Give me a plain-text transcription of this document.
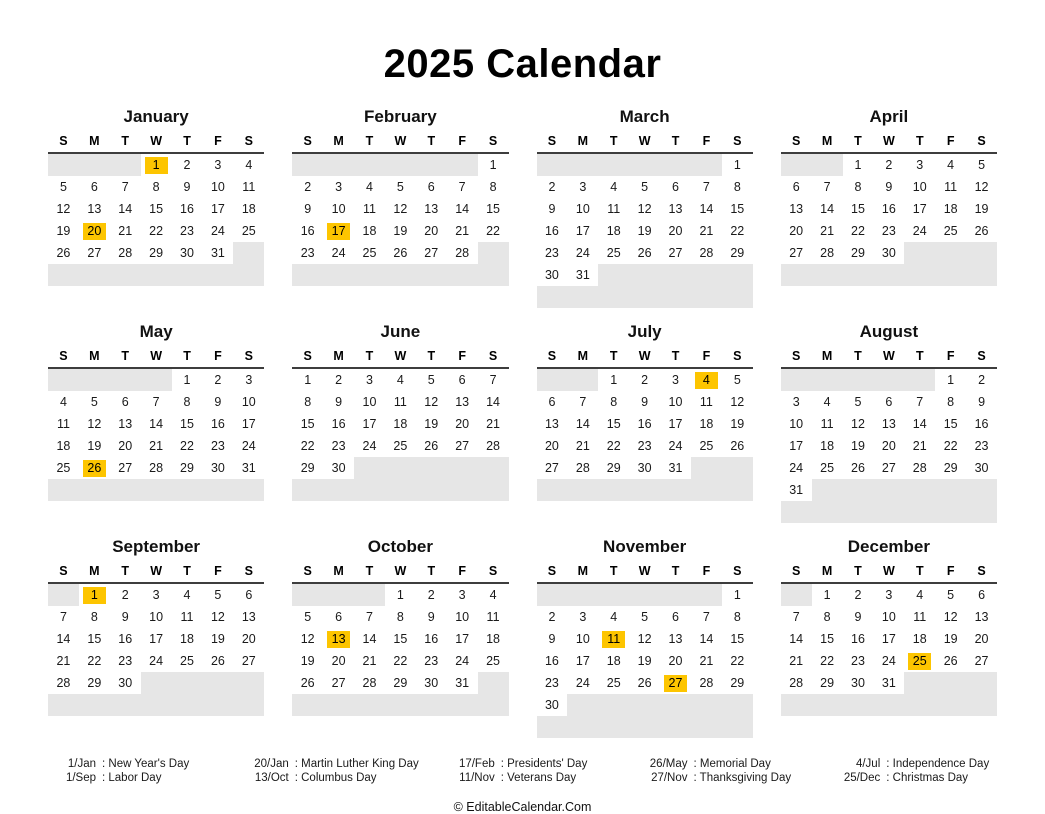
2025 Calendar
January
S	M	T	W	T	F	S
			1	2	3	4
5	6	7	8	9	10	11
12	13	14	15	16	17	18
19	20	21	22	23	24	25
26	27	28	29	30	31	

February
S	M	T	W	T	F	S
						1
2	3	4	5	6	7	8
9	10	11	12	13	14	15
16	17	18	19	20	21	22
23	24	25	26	27	28	

March
S	M	T	W	T	F	S
						1
2	3	4	5	6	7	8
9	10	11	12	13	14	15
16	17	18	19	20	21	22
23	24	25	26	27	28	29
30	31					

April
S	M	T	W	T	F	S
		1	2	3	4	5
6	7	8	9	10	11	12
13	14	15	16	17	18	19
20	21	22	23	24	25	26
27	28	29	30			

May
S	M	T	W	T	F	S
				1	2	3
4	5	6	7	8	9	10
11	12	13	14	15	16	17
18	19	20	21	22	23	24
25	26	27	28	29	30	31

June
S	M	T	W	T	F	S
1	2	3	4	5	6	7
8	9	10	11	12	13	14
15	16	17	18	19	20	21
22	23	24	25	26	27	28
29	30					

July
S	M	T	W	T	F	S
		1	2	3	4	5
6	7	8	9	10	11	12
13	14	15	16	17	18	19
20	21	22	23	24	25	26
27	28	29	30	31		

August
S	M	T	W	T	F	S
					1	2
3	4	5	6	7	8	9
10	11	12	13	14	15	16
17	18	19	20	21	22	23
24	25	26	27	28	29	30
31						

September
S	M	T	W	T	F	S
	1	2	3	4	5	6
7	8	9	10	11	12	13
14	15	16	17	18	19	20
21	22	23	24	25	26	27
28	29	30				

October
S	M	T	W	T	F	S
			1	2	3	4
5	6	7	8	9	10	11
12	13	14	15	16	17	18
19	20	21	22	23	24	25
26	27	28	29	30	31	

November
S	M	T	W	T	F	S
						1
2	3	4	5	6	7	8
9	10	11	12	13	14	15
16	17	18	19	20	21	22
23	24	25	26	27	28	29
30						

December
S	M	T	W	T	F	S
	1	2	3	4	5	6
7	8	9	10	11	12	13
14	15	16	17	18	19	20
21	22	23	24	25	26	27
28	29	30	31			

1/Jan : New Year's Day	20/Jan : Martin Luther King Day	17/Feb : Presidents' Day	26/May : Memorial Day	4/Jul : Independence Day
1/Sep : Labor Day	13/Oct : Columbus Day	11/Nov : Veterans Day	27/Nov : Thanksgiving Day	25/Dec : Christmas Day
© EditableCalendar.Com
